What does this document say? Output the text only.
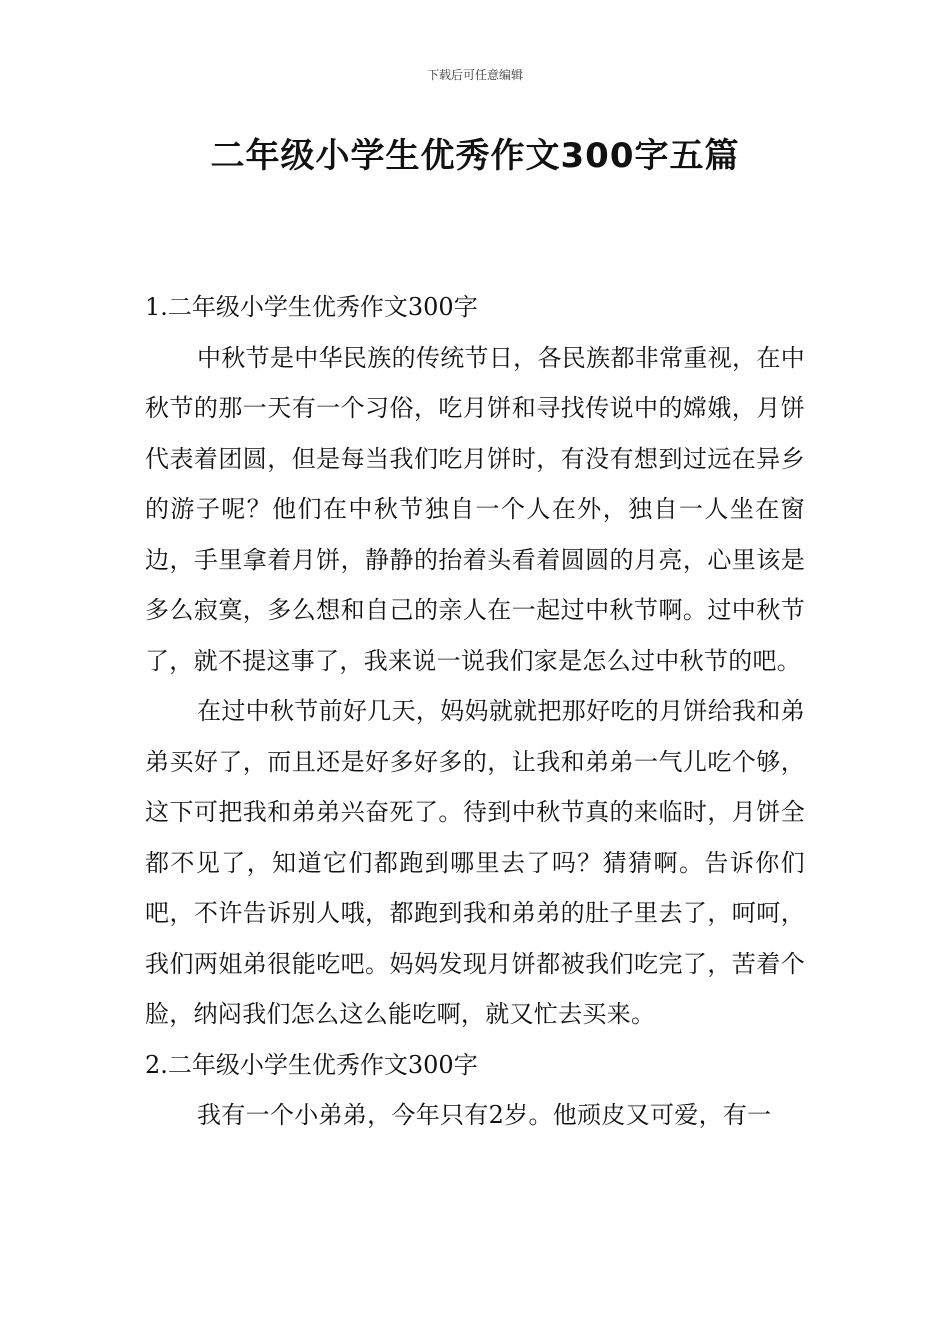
下载后可任意编辑
二年级小学生优秀作文300字五篇
1.二年级小学生优秀作文300字

中秋节是中华民族的传统节日，各民族都非常重视，在中秋节的那一天有一个习俗，吃月饼和寻找传说中的嫦娥，月饼代表着团圆，但是每当我们吃月饼时，有没有想到过远在异乡的游子呢？他们在中秋节独自一个人在外，独自一人坐在窗边，手里拿着月饼，静静的抬着头看着圆圆的月亮，心里该是多么寂寞，多么想和自己的亲人在一起过中秋节啊。过中秋节了，就不提这事了，我来说一说我们家是怎么过中秋节的吧。

在过中秋节前好几天，妈妈就就把那好吃的月饼给我和弟弟买好了，而且还是好多好多的，让我和弟弟一气儿吃个够，这下可把我和弟弟兴奋死了。待到中秋节真的来临时，月饼全都不见了，知道它们都跑到哪里去了吗？猜猜啊。告诉你们吧，不许告诉别人哦，都跑到我和弟弟的肚子里去了，呵呵，我们两姐弟很能吃吧。妈妈发现月饼都被我们吃完了，苦着个脸，纳闷我们怎么这么能吃啊，就又忙去买来。

2.二年级小学生优秀作文300字

我有一个小弟弟，今年只有2岁。他顽皮又可爱，有一
